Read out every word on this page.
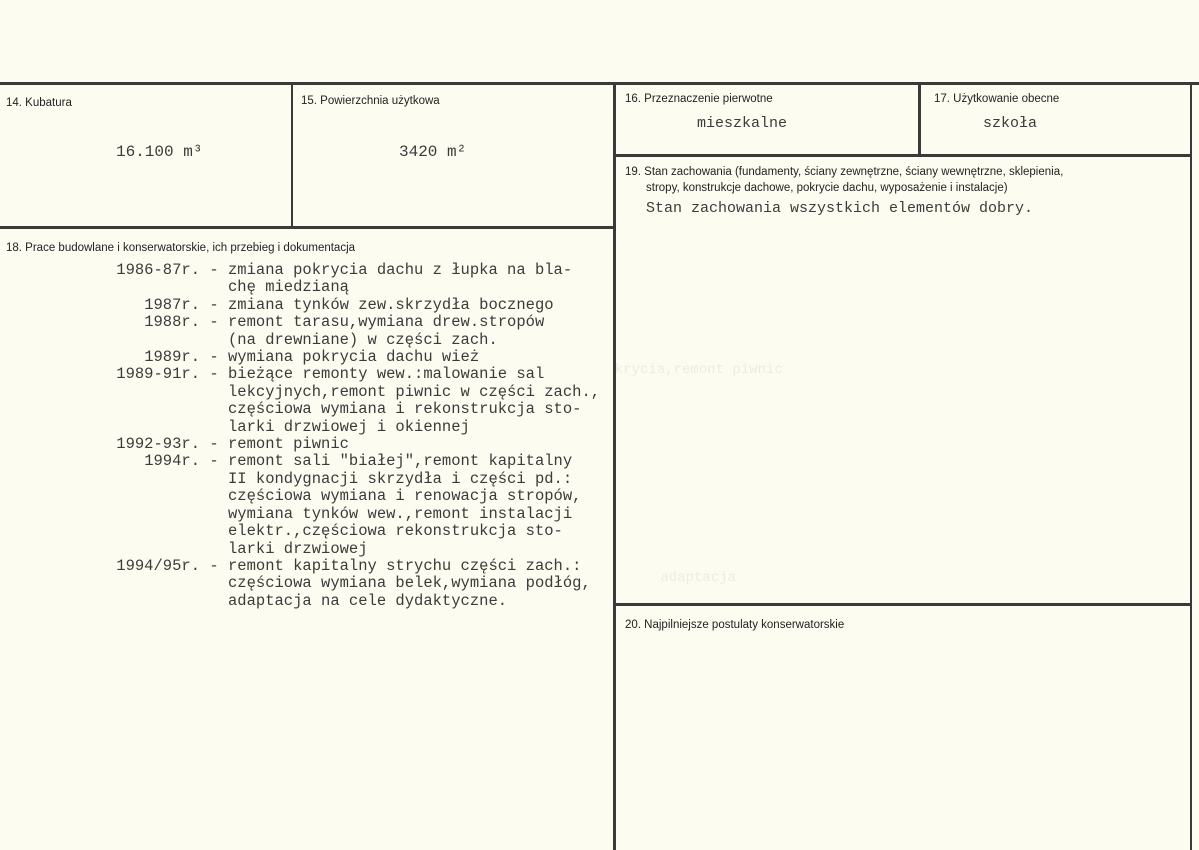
14. Kubatura
16.100 m³
15. Powierzchnia użytkowa
3420 m²
16. Przeznaczenie pierwotne
mieszkalne
17. Użytkowanie obecne
szkoła
19. Stan zachowania (fundamenty, ściany zewnętrzne, ściany wewnętrzne, sklepienia,
stropy, konstrukcje dachowe, pokrycie dachu, wyposażenie i instalacje)
Stan zachowania wszystkich elementów dobry.
krycia,remont piwnic
adaptacja
18. Prace budowlane i konserwatorskie, ich przebieg i dokumentacja
1986-87r. - zmiana pokrycia dachu z łupka na bla-
chę miedzianą
1987r. - zmiana tynków zew.skrzydła bocznego
1988r. - remont tarasu,wymiana drew.stropów
(na drewniane) w części zach.
1989r. - wymiana pokrycia dachu wież
1989-91r. - bieżące remonty wew.:malowanie sal
lekcyjnych,remont piwnic w części zach.,
częściowa wymiana i rekonstrukcja sto-
larki drzwiowej i okiennej
1992-93r. - remont piwnic
1994r. - remont sali "białej",remont kapitalny
II kondygnacji skrzydła i części pd.:
częściowa wymiana i renowacja stropów,
wymiana tynków wew.,remont instalacji
elektr.,częściowa rekonstrukcja sto-
larki drzwiowej
1994/95r. - remont kapitalny strychu części zach.:
częściowa wymiana belek,wymiana podłóg,
adaptacja na cele dydaktyczne.
20. Najpilniejsze postulaty konserwatorskie
